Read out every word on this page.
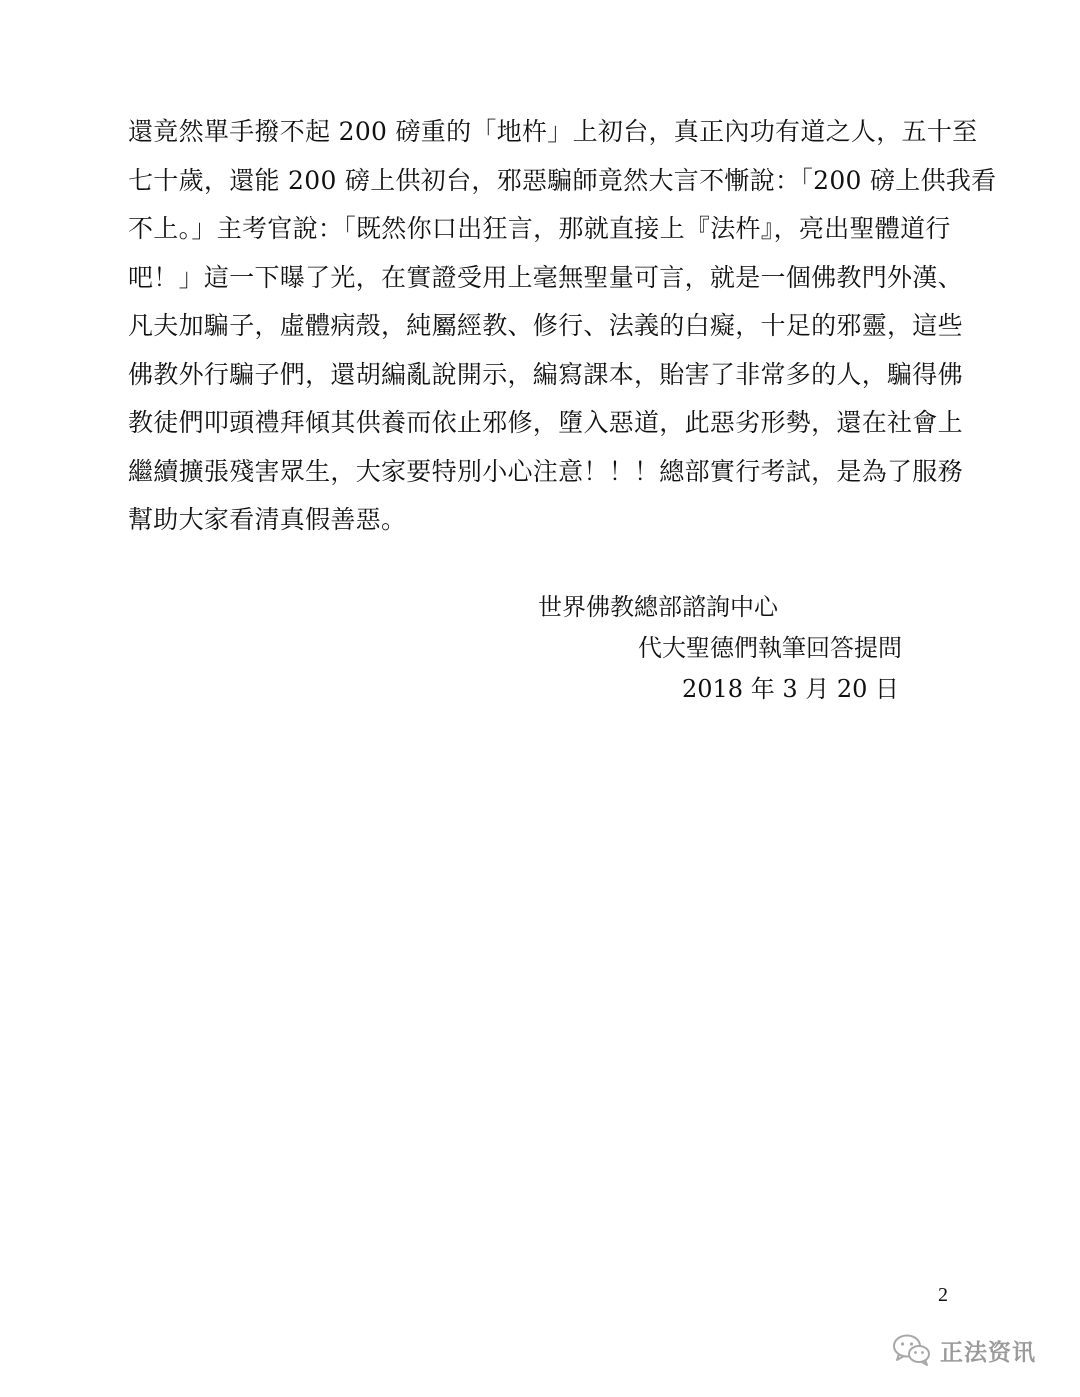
還竟然單手撥不起 200 磅重的「地杵」上初台，真正內功有道之人，五十至
七十歲，還能 200 磅上供初台，邪惡騙師竟然大言不慚說：「200 磅上供我看
不上。」主考官說：「既然你口出狂言，那就直接上『法杵』，亮出聖體道行
吧！」這一下曝了光，在實證受用上毫無聖量可言，就是一個佛教門外漢、
凡夫加騙子，虛體病殼，純屬經教、修行、法義的白癡，十足的邪靈，這些
佛教外行騙子們，還胡編亂說開示，編寫課本，貽害了非常多的人，騙得佛
教徒們叩頭禮拜傾其供養而依止邪修，墮入惡道，此惡劣形勢，還在社會上
繼續擴張殘害眾生，大家要特別小心注意！！！總部實行考試，是為了服務
幫助大家看清真假善惡。
世界佛教總部諮詢中心
代大聖德們執筆回答提問
2018 年 3 月 20 日
2
正法资讯
